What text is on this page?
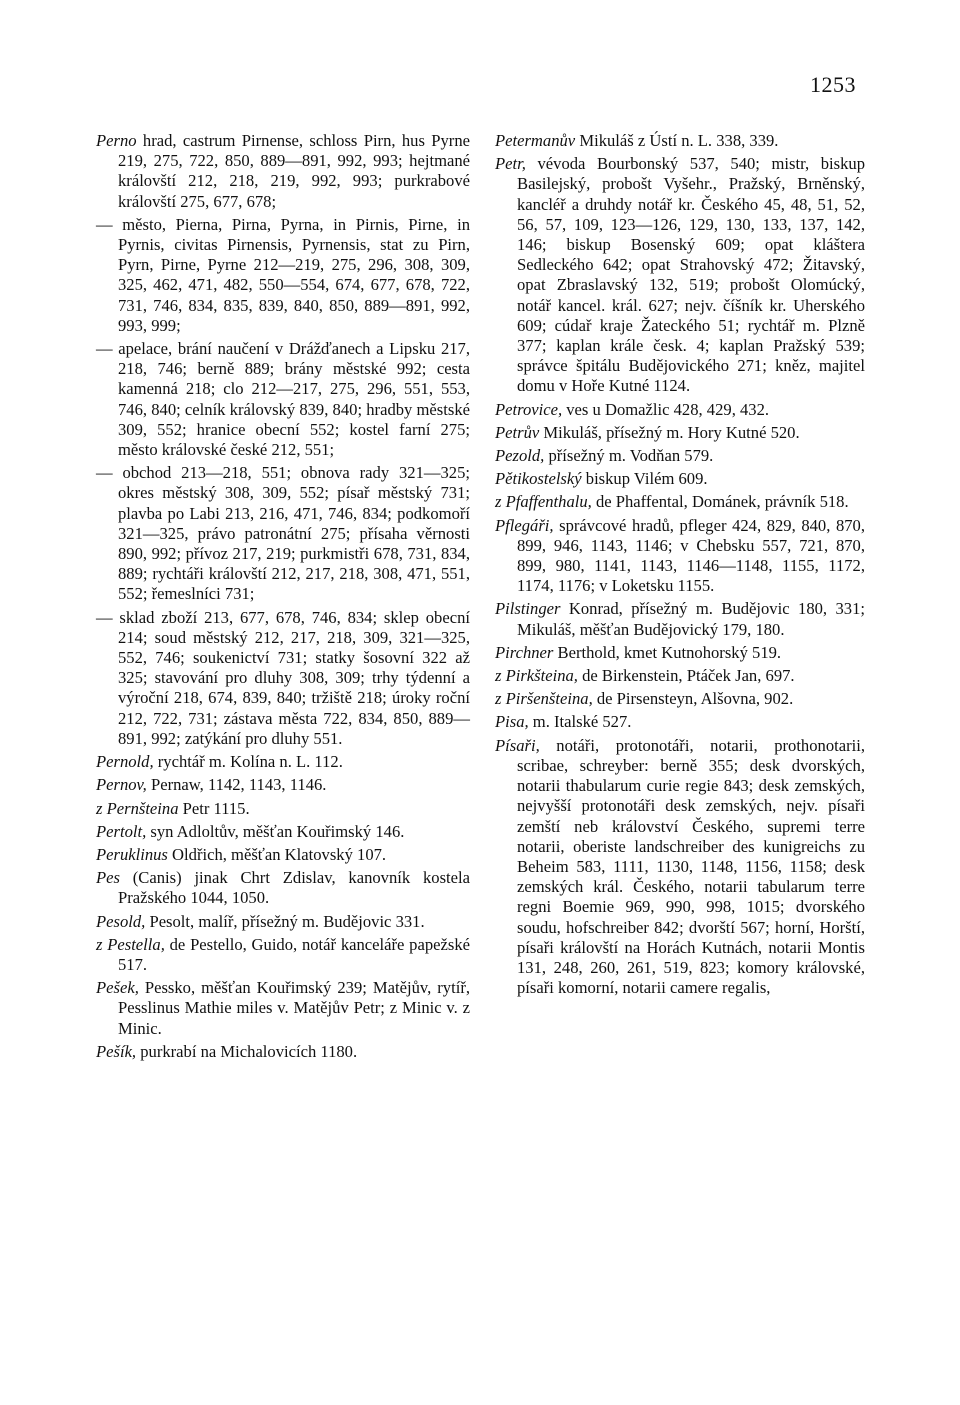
1253

Perno hrad, castrum Pirnense, schloss Pirn, hus Pyrne 219, 275, 722, 850, 889—891, 992, 993; hejtmané královští 212, 218, 219, 992, 993; purkrabové královští 275, 677, 678;

— město, Pierna, Pirna, Pyrna, in Pirnis, Pirne, in Pyrnis, civitas Pirnensis, Pyrnensis, stat zu Pirn, Pyrn, Pirne, Pyrne 212—219, 275, 296, 308, 309, 325, 462, 471, 482, 550—554, 674, 677, 678, 722, 731, 746, 834, 835, 839, 840, 850, 889—891, 992, 993, 999;

— apelace, brání naučení v Drážďanech a Lipsku 217, 218, 746; berně 889; brány městské 992; cesta kamenná 218; clo 212—217, 275, 296, 551, 553, 746, 840; celník královský 839, 840; hradby městské 309, 552; hranice obecní 552; kostel farní 275; město královské české 212, 551;

— obchod 213—218, 551; obnova rady 321—325; okres městský 308, 309, 552; písař městský 731; plavba po Labi 213, 216, 471, 746, 834; podkomoří 321—325, právo patronátní 275; přísaha věrnosti 890, 992; přívoz 217, 219; purkmistři 678, 731, 834, 889; rychtáři královští 212, 217, 218, 308, 471, 551, 552; řemeslníci 731;

— sklad zboží 213, 677, 678, 746, 834; sklep obecní 214; soud městský 212, 217, 218, 309, 321—325, 552, 746; soukenictví 731; statky šosovní 322 až 325; stavování pro dluhy 308, 309; trhy týdenní a výroční 218, 674, 839, 840; tržiště 218; úroky roční 212, 722, 731; zástava města 722, 834, 850, 889—891, 992; zatýkání pro dluhy 551.

Pernold, rychtář m. Kolína n. L. 112.

Pernov, Pernaw, 1142, 1143, 1146.

z Pernšteina Petr 1115.

Pertolt, syn Adloltův, měšťan Kouřimský 146.

Peruklinus Oldřich, měšťan Klatovský 107.

Pes (Canis) jinak Chrt Zdislav, kanovník kostela Pražského 1044, 1050.

Pesold, Pesolt, malíř, přísežný m. Budějovic 331.

z Pestella, de Pestello, Guido, notář kanceláře papežské 517.

Pešek, Pessko, měšťan Kouřimský 239; Matějův, rytíř, Pesslinus Mathie miles v. Matějův Petr; z Minic v. z Minic.

Pešík, purkrabí na Michalovicích 1180.

Petermanův Mikuláš z Ústí n. L. 338, 339.

Petr, vévoda Bourbonský 537, 540; mistr, biskup Basilejský, probošt Vyšehr., Pražský, Brněnský, kancléř a druhdy notář kr. Českého 45, 48, 51, 52, 56, 57, 109, 123—126, 129, 130, 133, 137, 142, 146; biskup Bosenský 609; opat kláštera Sedleckého 642; opat Strahovský 472; Žitavský, opat Zbraslavský 132, 519; probošt Olomúcký, notář kancel. král. 627; nejv. číšník kr. Uherského 609; cúdař kraje Žateckého 51; rychtář m. Plzně 377; kaplan krále česk. 4; kaplan Pražský 539; správce špitálu Budějovického 271; kněz, majitel domu v Hoře Kutné 1124.

Petrovice, ves u Domažlic 428, 429, 432.

Petrův Mikuláš, přísežný m. Hory Kutné 520.

Pezold, přísežný m. Vodňan 579.

Pětikostelský biskup Vilém 609.

z Pfaffenthalu, de Phaffental, Dománek, právník 518.

Pflegáři, správcové hradů, pfleger 424, 829, 840, 870, 899, 946, 1143, 1146; v Chebsku 557, 721, 870, 899, 980, 1141, 1143, 1146—1148, 1155, 1172, 1174, 1176; v Loketsku 1155.

Pilstinger Konrad, přísežný m. Budějovic 180, 331; Mikuláš, měšťan Budějovický 179, 180.

Pirchner Berthold, kmet Kutnohorský 519.

z Pirkšteina, de Birkenstein, Ptáček Jan, 697.

z Piršenšteina, de Pirsensteyn, Alšovna, 902.

Pisa, m. Italské 527.

Písaři, notáři, protonotáři, notarii, prothonotarii, scribae, schreyber: berně 355; desk dvorských, notarii thabularum curie regie 843; desk zemských, nejvyšší protonotáři desk zemských, nejv. písaři zemští neb království Českého, supremi terre notarii, oberiste landschreiber des kunigreichs zu Beheim 583, 1111, 1130, 1148, 1156, 1158; desk zemských král. Českého, notarii tabularum terre regni Boemie 969, 990, 998, 1015; dvorského soudu, hofschreiber 842; dvorští 567; horní, Horští, písaři královští na Horách Kutnách, notarii Montis 131, 248, 260, 261, 519, 823; komory královské, písaři komorní, notarii camere regalis,
